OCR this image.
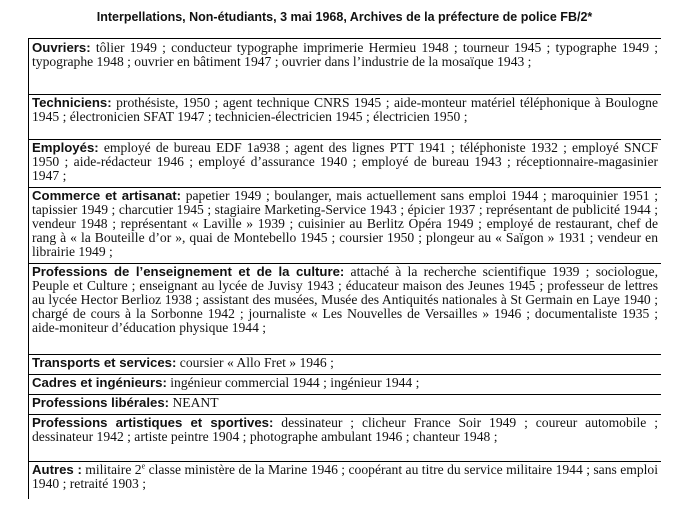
Interpellations, Non-étudiants, 3 mai 1968, Archives de la préfecture de police FB/2*

Ouvriers: tôlier 1949 ; conducteur typographe imprimerie Hermieu 1948 ; tourneur 1945 ; typographe 1949 ; typographe 1948 ; ouvrier en bâtiment 1947 ; ouvrier dans l’industrie de la mosaïque 1943 ;

Techniciens: prothésiste, 1950 ; agent technique CNRS 1945 ; aide-monteur matériel téléphonique à Boulogne 1945 ; électronicien SFAT 1947 ; technicien-électricien 1945 ; électricien 1950 ;

Employés: employé de bureau EDF 1a938 ; agent des lignes PTT 1941 ; téléphoniste 1932 ; employé SNCF 1950 ; aide-rédacteur 1946 ; employé d’assurance 1940 ; employé de bureau 1943 ; réceptionnaire-magasinier 1947 ;

Commerce et artisanat: papetier 1949 ; boulanger, mais actuellement sans emploi 1944 ; maroquinier 1951 ; tapissier 1949 ; charcutier 1945 ; stagiaire Marketing-Service 1943 ; épicier 1937 ; représentant de publicité 1944 ; vendeur 1948 ; représentant « Laville » 1939 ; cuisinier au Berlitz Opéra 1949 ; employé de restaurant, chef de rang à « la Bouteille d’or », quai de Montebello 1945 ; coursier 1950 ; plongeur au « Saïgon » 1931 ; vendeur en librairie 1949 ;

Professions de l’enseignement et de la culture: attaché à la recherche scientifique 1939 ; sociologue, Peuple et Culture ; enseignant au lycée de Juvisy 1943 ; éducateur maison des Jeunes 1945 ; professeur de lettres au lycée Hector Berlioz 1938 ; assistant des musées, Musée des Antiquités nationales à St Germain en Laye 1940 ; chargé de cours à la Sorbonne 1942 ; journaliste « Les Nouvelles de Versailles » 1946 ; documentaliste 1935 ; aide-moniteur d’éducation physique 1944 ;

Transports et services: coursier « Allo Fret » 1946 ;

Cadres et ingénieurs: ingénieur commercial 1944 ; ingénieur 1944 ;

Professions libérales: NEANT

Professions artistiques et sportives: dessinateur ; clicheur France Soir 1949 ; coureur automobile ; dessinateur 1942 ; artiste peintre 1904 ; photographe ambulant 1946 ; chanteur 1948 ;

Autres : militaire 2e classe ministère de la Marine 1946 ; coopérant au titre du service militaire 1944 ; sans emploi 1940 ; retraité 1903 ;
